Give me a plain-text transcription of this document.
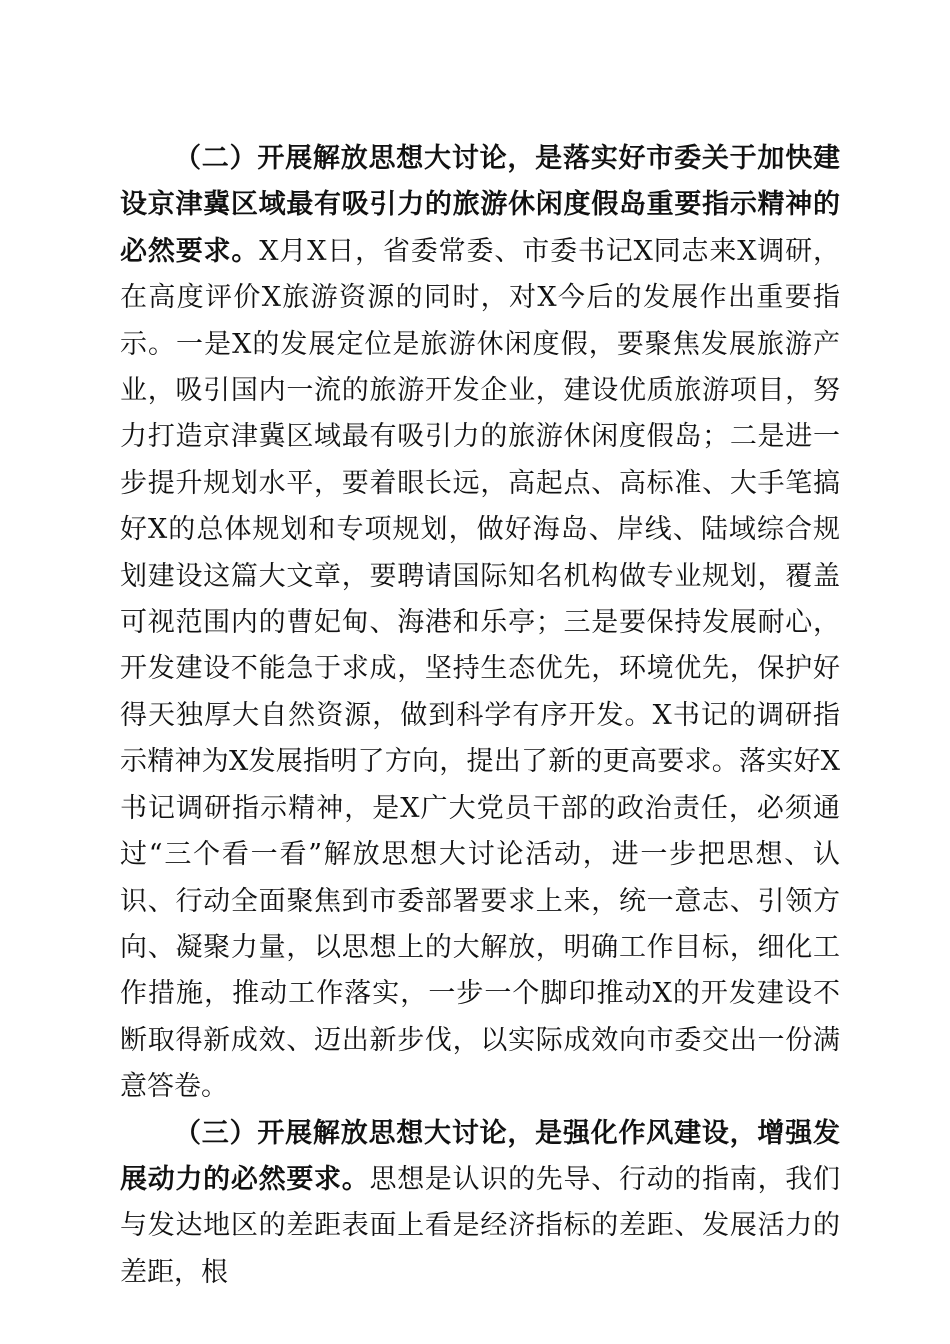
（二）开展解放思想大讨论，是落实好市委关于加快建设京津冀区域最有吸引力的旅游休闲度假岛重要指示精神的必然要求。X月X日，省委常委、市委书记X同志来X调研，在高度评价X旅游资源的同时，对X今后的发展作出重要指示。一是X的发展定位是旅游休闲度假，要聚焦发展旅游产业，吸引国内一流的旅游开发企业，建设优质旅游项目，努力打造京津冀区域最有吸引力的旅游休闲度假岛；二是进一步提升规划水平，要着眼长远，高起点、高标准、大手笔搞好X的总体规划和专项规划，做好海岛、岸线、陆域综合规划建设这篇大文章，要聘请国际知名机构做专业规划，覆盖可视范围内的曹妃甸、海港和乐亭；三是要保持发展耐心，开发建设不能急于求成，坚持生态优先，环境优先，保护好得天独厚大自然资源，做到科学有序开发。X书记的调研指示精神为X发展指明了方向，提出了新的更高要求。落实好X书记调研指示精神，是X广大党员干部的政治责任，必须通过“三个看一看”解放思想大讨论活动，进一步把思想、认识、行动全面聚焦到市委部署要求上来，统一意志、引领方向、凝聚力量，以思想上的大解放，明确工作目标，细化工作措施，推动工作落实，一步一个脚印推动X的开发建设不断取得新成效、迈出新步伐，以实际成效向市委交出一份满意答卷。

（三）开展解放思想大讨论，是强化作风建设，增强发展动力的必然要求。思想是认识的先导、行动的指南，我们与发达地区的差距表面上看是经济指标的差距、发展活力的差距，根
